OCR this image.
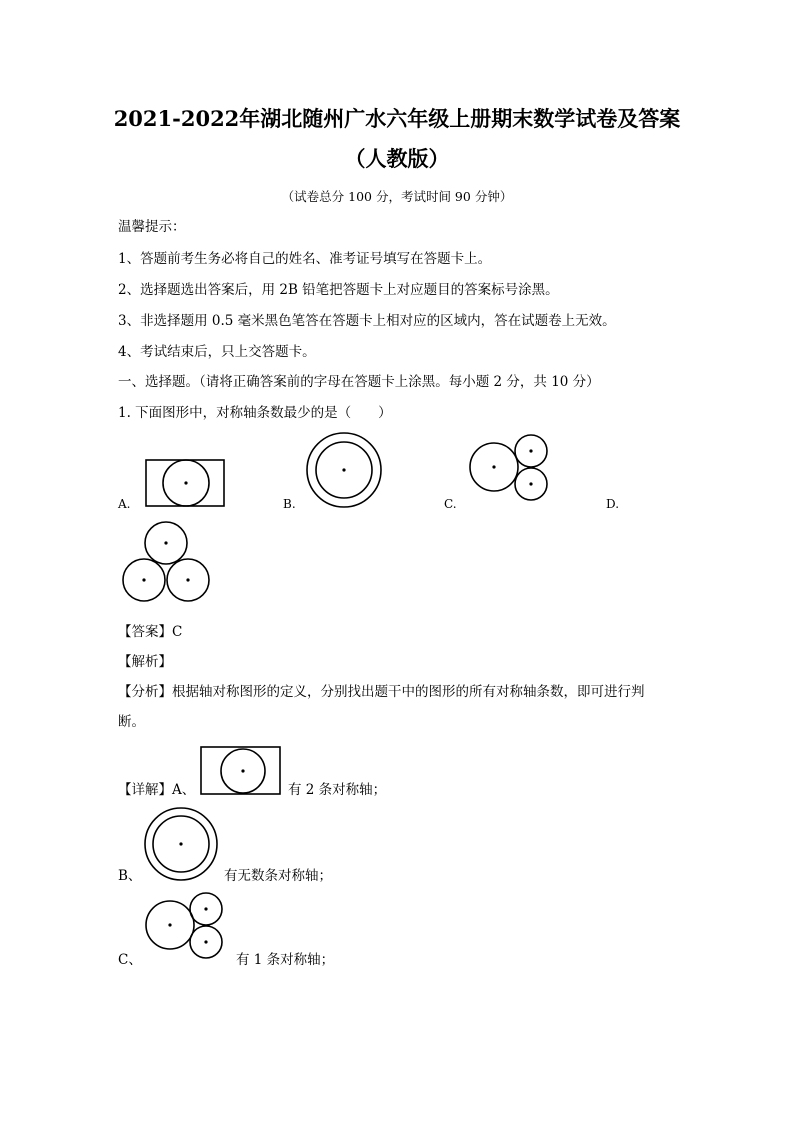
2021-2022年湖北随州广水六年级上册期末数学试卷及答案
（人教版）
（试卷总分 100 分，考试时间 90 分钟）
温馨提示：
1、答题前考生务必将自己的姓名、准考证号填写在答题卡上。
2、选择题选出答案后，用 2B 铅笔把答题卡上对应题目的答案标号涂黑。
3、非选择题用 0.5 毫米黑色笔答在答题卡上相对应的区域内，答在试题卷上无效。
4、考试结束后，只上交答题卡。
一、选择题。（请将正确答案前的字母在答题卡上涂黑。每小题 2 分，共 10 分）
1. 下面图形中，对称轴条数最少的是（　　）
A.	B.	C.	D.
【答案】C
【解析】
【分析】根据轴对称图形的定义，分别找出题干中的图形的所有对称轴条数，即可进行判
断。
【详解】A、	有 2 条对称轴；
B、	有无数条对称轴；
C、	有 1 条对称轴；
